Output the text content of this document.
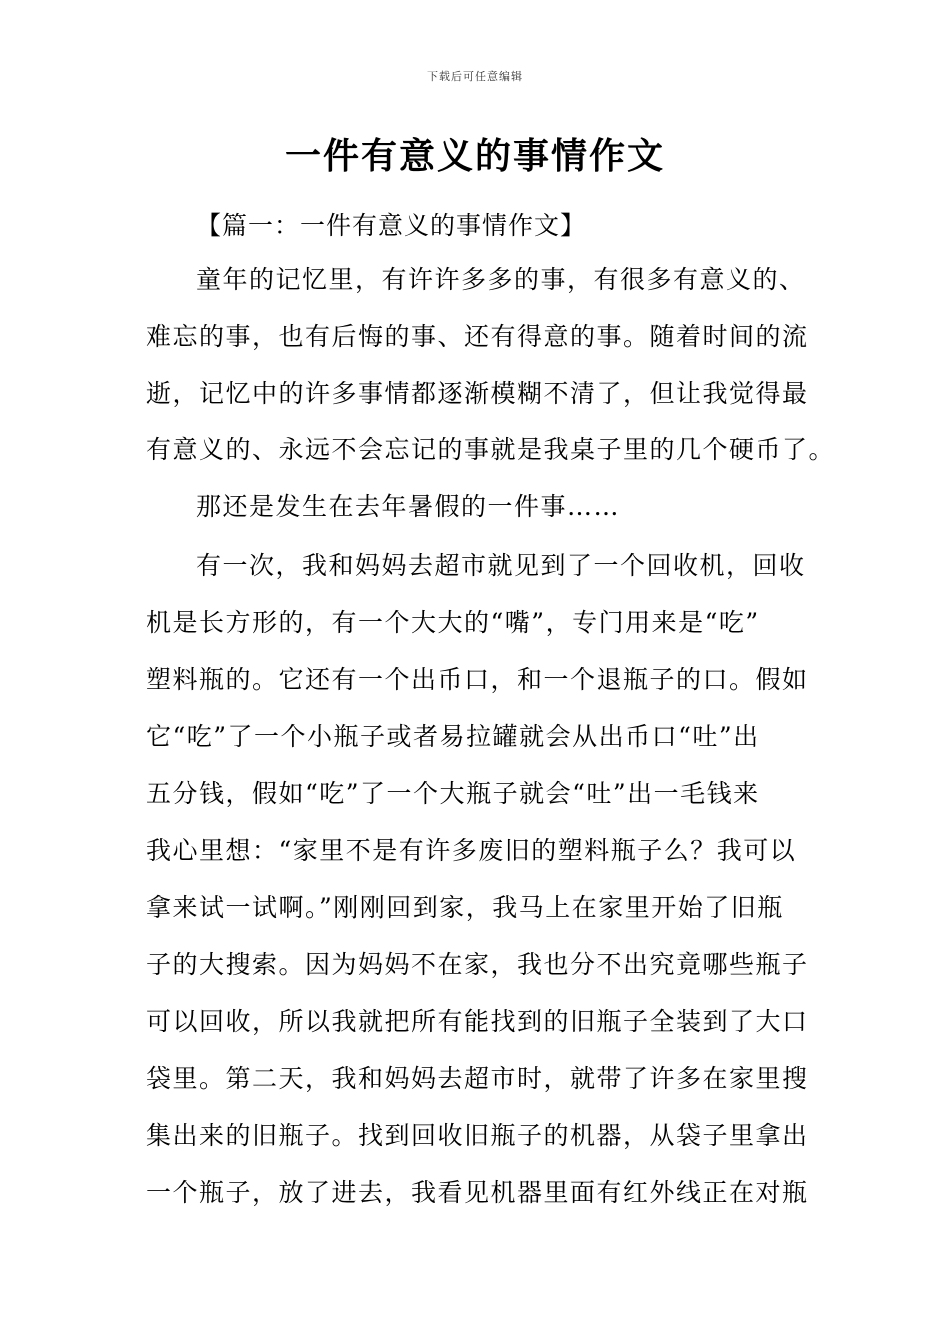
下载后可任意编辑
一件有意义的事情作文
【篇一：一件有意义的事情作文】
童年的记忆里，有许许多多的事，有很多有意义的、
难忘的事，也有后悔的事、还有得意的事。随着时间的流
逝，记忆中的许多事情都逐渐模糊不清了，但让我觉得最
有意义的、永远不会忘记的事就是我桌子里的几个硬币了。
那还是发生在去年暑假的一件事……
有一次，我和妈妈去超市就见到了一个回收机，回收
机是长方形的，有一个大大的“嘴”，专门用来是“吃”
塑料瓶的。它还有一个出币口，和一个退瓶子的口。假如
它“吃”了一个小瓶子或者易拉罐就会从出币口“吐”出
五分钱，假如“吃”了一个大瓶子就会“吐”出一毛钱来
我心里想：“家里不是有许多废旧的塑料瓶子么？我可以
拿来试一试啊。”刚刚回到家，我马上在家里开始了旧瓶
子的大搜索。因为妈妈不在家，我也分不出究竟哪些瓶子
可以回收，所以我就把所有能找到的旧瓶子全装到了大口
袋里。第二天，我和妈妈去超市时，就带了许多在家里搜
集出来的旧瓶子。找到回收旧瓶子的机器，从袋子里拿出
一个瓶子，放了进去，我看见机器里面有红外线正在对瓶
